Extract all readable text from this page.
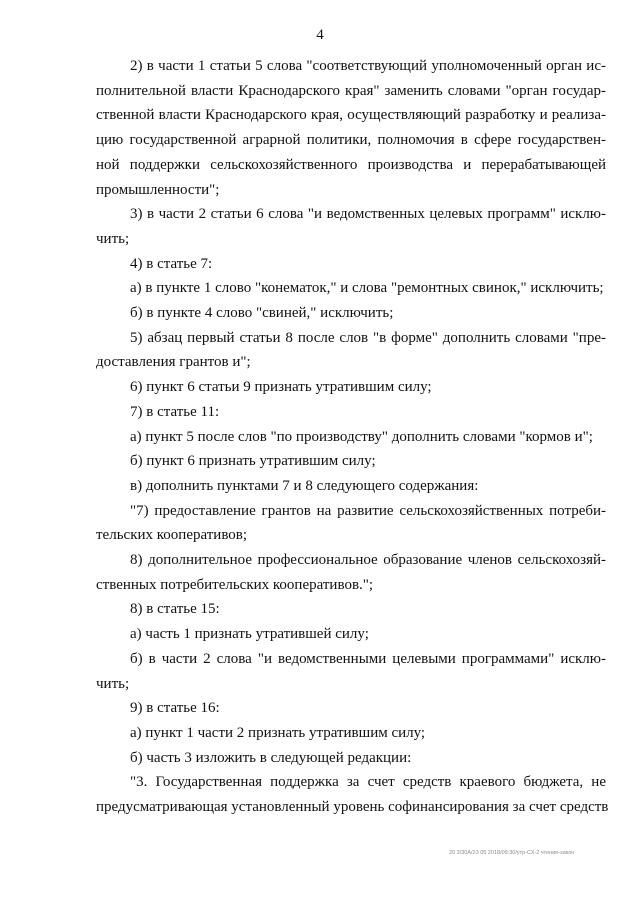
4

2) в части 1 статьи 5 слова "соответствующий уполномоченный орган ис-
полнительной власти Краснодарского края" заменить словами "орган государ-
ственной власти Краснодарского края, осуществляющий разработку и реализа-
цию государственной аграрной политики, полномочия в сфере государствен-
ной поддержки сельскохозяйственного производства и перерабатывающей
промышленности";

3) в части 2 статьи 6 слова "и ведомственных целевых программ" исклю-
чить;

4) в статье 7:

а) в пункте 1 слово "конематок," и слова "ремонтных свинок," исключить;

б) в пункте 4 слово "свиней," исключить;

5) абзац первый статьи 8 после слов "в форме" дополнить словами "пре-
доставления грантов и";

6) пункт 6 статьи 9 признать утратившим силу;

7) в статье 11:

а) пункт 5 после слов "по производству" дополнить словами "кормов и";

б) пункт 6 признать утратившим силу;

в) дополнить пунктами 7 и 8 следующего содержания:

"7) предоставление грантов на развитие сельскохозяйственных потреби-
тельских кооперативов;

8) дополнительное профессиональное образование членов сельскохозяй-
ственных потребительских кооперативов.";

8) в статье 15:

а) часть 1 признать утратившей силу;

б) в части 2 слова "и ведомственными целевыми программами" исклю-
чить;

9) в статье 16:

а) пункт 1 части 2 признать утратившим силу;

б) часть 3 изложить в следующей редакции:

"3. Государственная поддержка за счет средств краевого бюджета, не
предусматривающая установленный уровень софинансирования за счет средств

20 3/30A/23 05 2018/09:30/утр-СХ-2 чтение-закон
